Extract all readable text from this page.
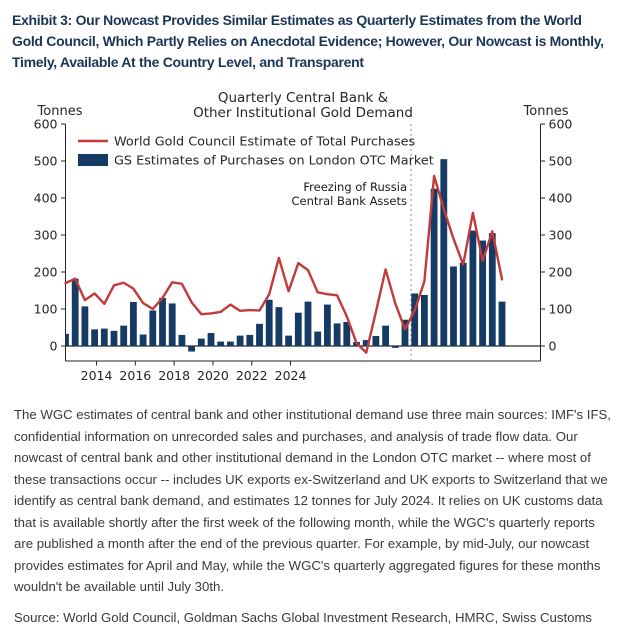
Exhibit 3: Our Nowcast Provides Similar Estimates as Quarterly Estimates from the World Gold Council, Which Partly Relies on Anecdotal Evidence; However, Our Nowcast is Monthly, Timely, Available At the Country Level, and Transparent
0	0
100	100
200	200
300	300
400	400
500	500
600	600
2014 2016 2018 2020 2022 2024
Tonnes	Tonnes
Quarterly Central Bank &
Other Institutional Gold Demand
Freezing of Russia
Central Bank Assets
World Gold Council Estimate of Total Purchases
GS Estimates of Purchases on London OTC Market
The WGC estimates of central bank and other institutional demand use three main sources: IMF's IFS, confidential information on unrecorded sales and purchases, and analysis of trade flow data. Our nowcast of central bank and other institutional demand in the London OTC market -- where most of these transactions occur -- includes UK exports ex-Switzerland and UK exports to Switzerland that we identify as central bank demand, and estimates 12 tonnes for July 2024. It relies on UK customs data that is available shortly after the first week of the following month, while the WGC's quarterly reports are published a month after the end of the previous quarter. For example, by mid-July, our nowcast provides estimates for April and May, while the WGC's quarterly aggregated figures for these months wouldn't be available until July 30th.
Source: World Gold Council, Goldman Sachs Global Investment Research, HMRC, Swiss Customs
